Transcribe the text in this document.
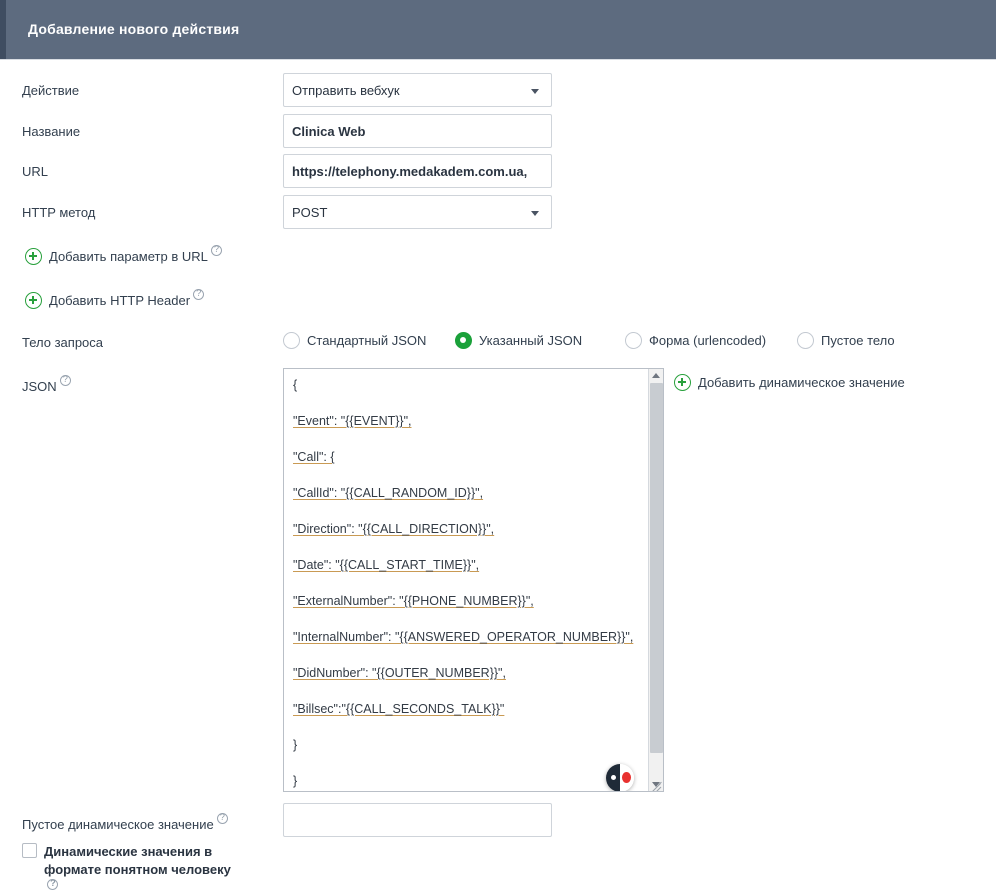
Добавление нового действия
Действие	Отправить вебхук
Название	Clinica Web
URL	https://telephony.medakadem.com.ua,
HTTP метод	POST
Добавить параметр в URL?
Добавить HTTP Header?
Тело запроса	Стандартный JSON	Указанный JSON	Форма (urlencoded)	Пустое тело
JSON ?	{
"Event": "{{EVENT}}",
"Call": {
"CallId": "{{CALL_RANDOM_ID}}",
"Direction": "{{CALL_DIRECTION}}",
"Date": "{{CALL_START_TIME}}",
"ExternalNumber": "{{PHONE_NUMBER}}",
"InternalNumber": "{{ANSWERED_OPERATOR_NUMBER}}",
"DidNumber": "{{OUTER_NUMBER}}",
"Billsec":"{{CALL_SECONDS_TALK}}"
}
}
Добавить динамическое значение
Пустое динамическое значение?
Динамические значения в формате понятном человеку?
